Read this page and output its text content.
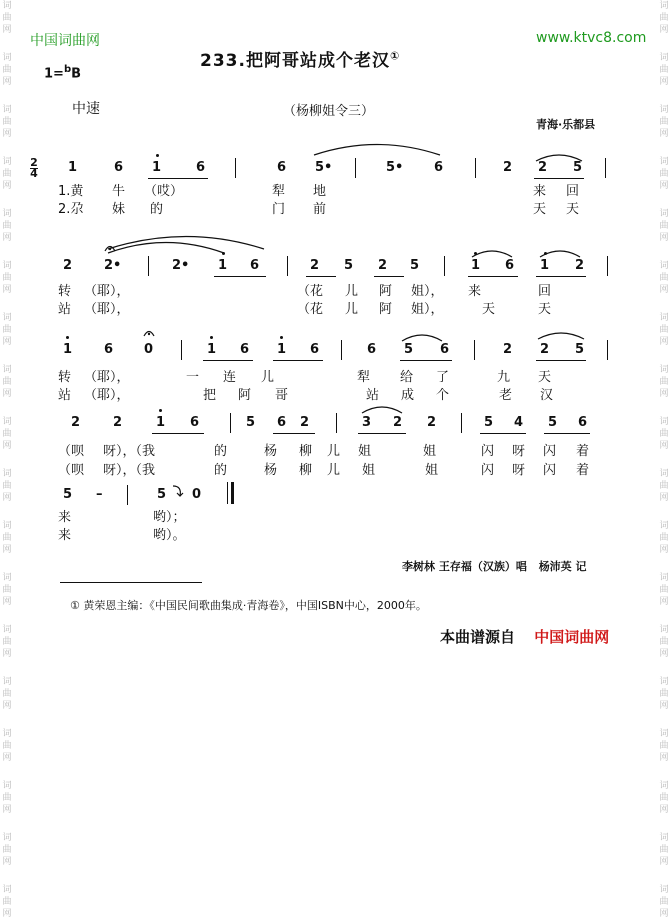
词
曲
网
词
曲
网
词
曲
网
词
曲
网
词
曲
网
词
曲
网
词
曲
网
词
曲
网
词
曲
网
词
曲
网
词
曲
网
词
曲
网
词
曲
网
词
曲
网
词
曲
网
词
曲
网
词
曲
网
词
曲
网
词
曲
网
词
曲
网
词
曲
网
词
曲
网
词
曲
网
词
曲
网
词
曲
网
词
曲
网
词
曲
网
词
曲
网
词
曲
网
词
曲
网
词
曲
网
词
曲
网
词
曲
网
词
曲
网
词
曲
网
词
曲
网
中国词曲网	www.ktvc8.com
233.把阿哥站成个老汉①
1=$^b$B
中速	（杨柳姐令三）
青海·乐都县
2
4 1	6 1	6	6 5•	5• 6	2 2 5
1.黄 牛 （哎）	犁 地	来 回
2.尕 妹 的	门 前	天 天
2 2•	2• 1 6	2 5 2 5	1 6 1 2
转 （耶），	（花 儿 阿 姐）， 来	回
站 （耶），	（花 儿 阿 姐），	天	天
1 6 0	1 6 1 6	6 5 6	2 2 5
转 （耶），	一 连 儿	犁 给 了	九 天
站 （耶），	把 阿 哥	站 成 个	老 汉
2	2	1 6	5 6 2	3 2 2	5 4 5 6
（呗 呀），（我	的	杨 柳 儿 姐	姐	闪 呀 闪 着
（呗 呀），（我	的	杨 柳 儿 姐	姐	闪 呀 闪 着
5 –	5 0
来	哟）；
来	哟）。
李树林 王存福（汉族）唱 杨沛英 记
① 黄荣恩主编：《中国民间歌曲集成·青海卷》，中国ISBN中心，2000年。
本曲谱源自 中国词曲网
